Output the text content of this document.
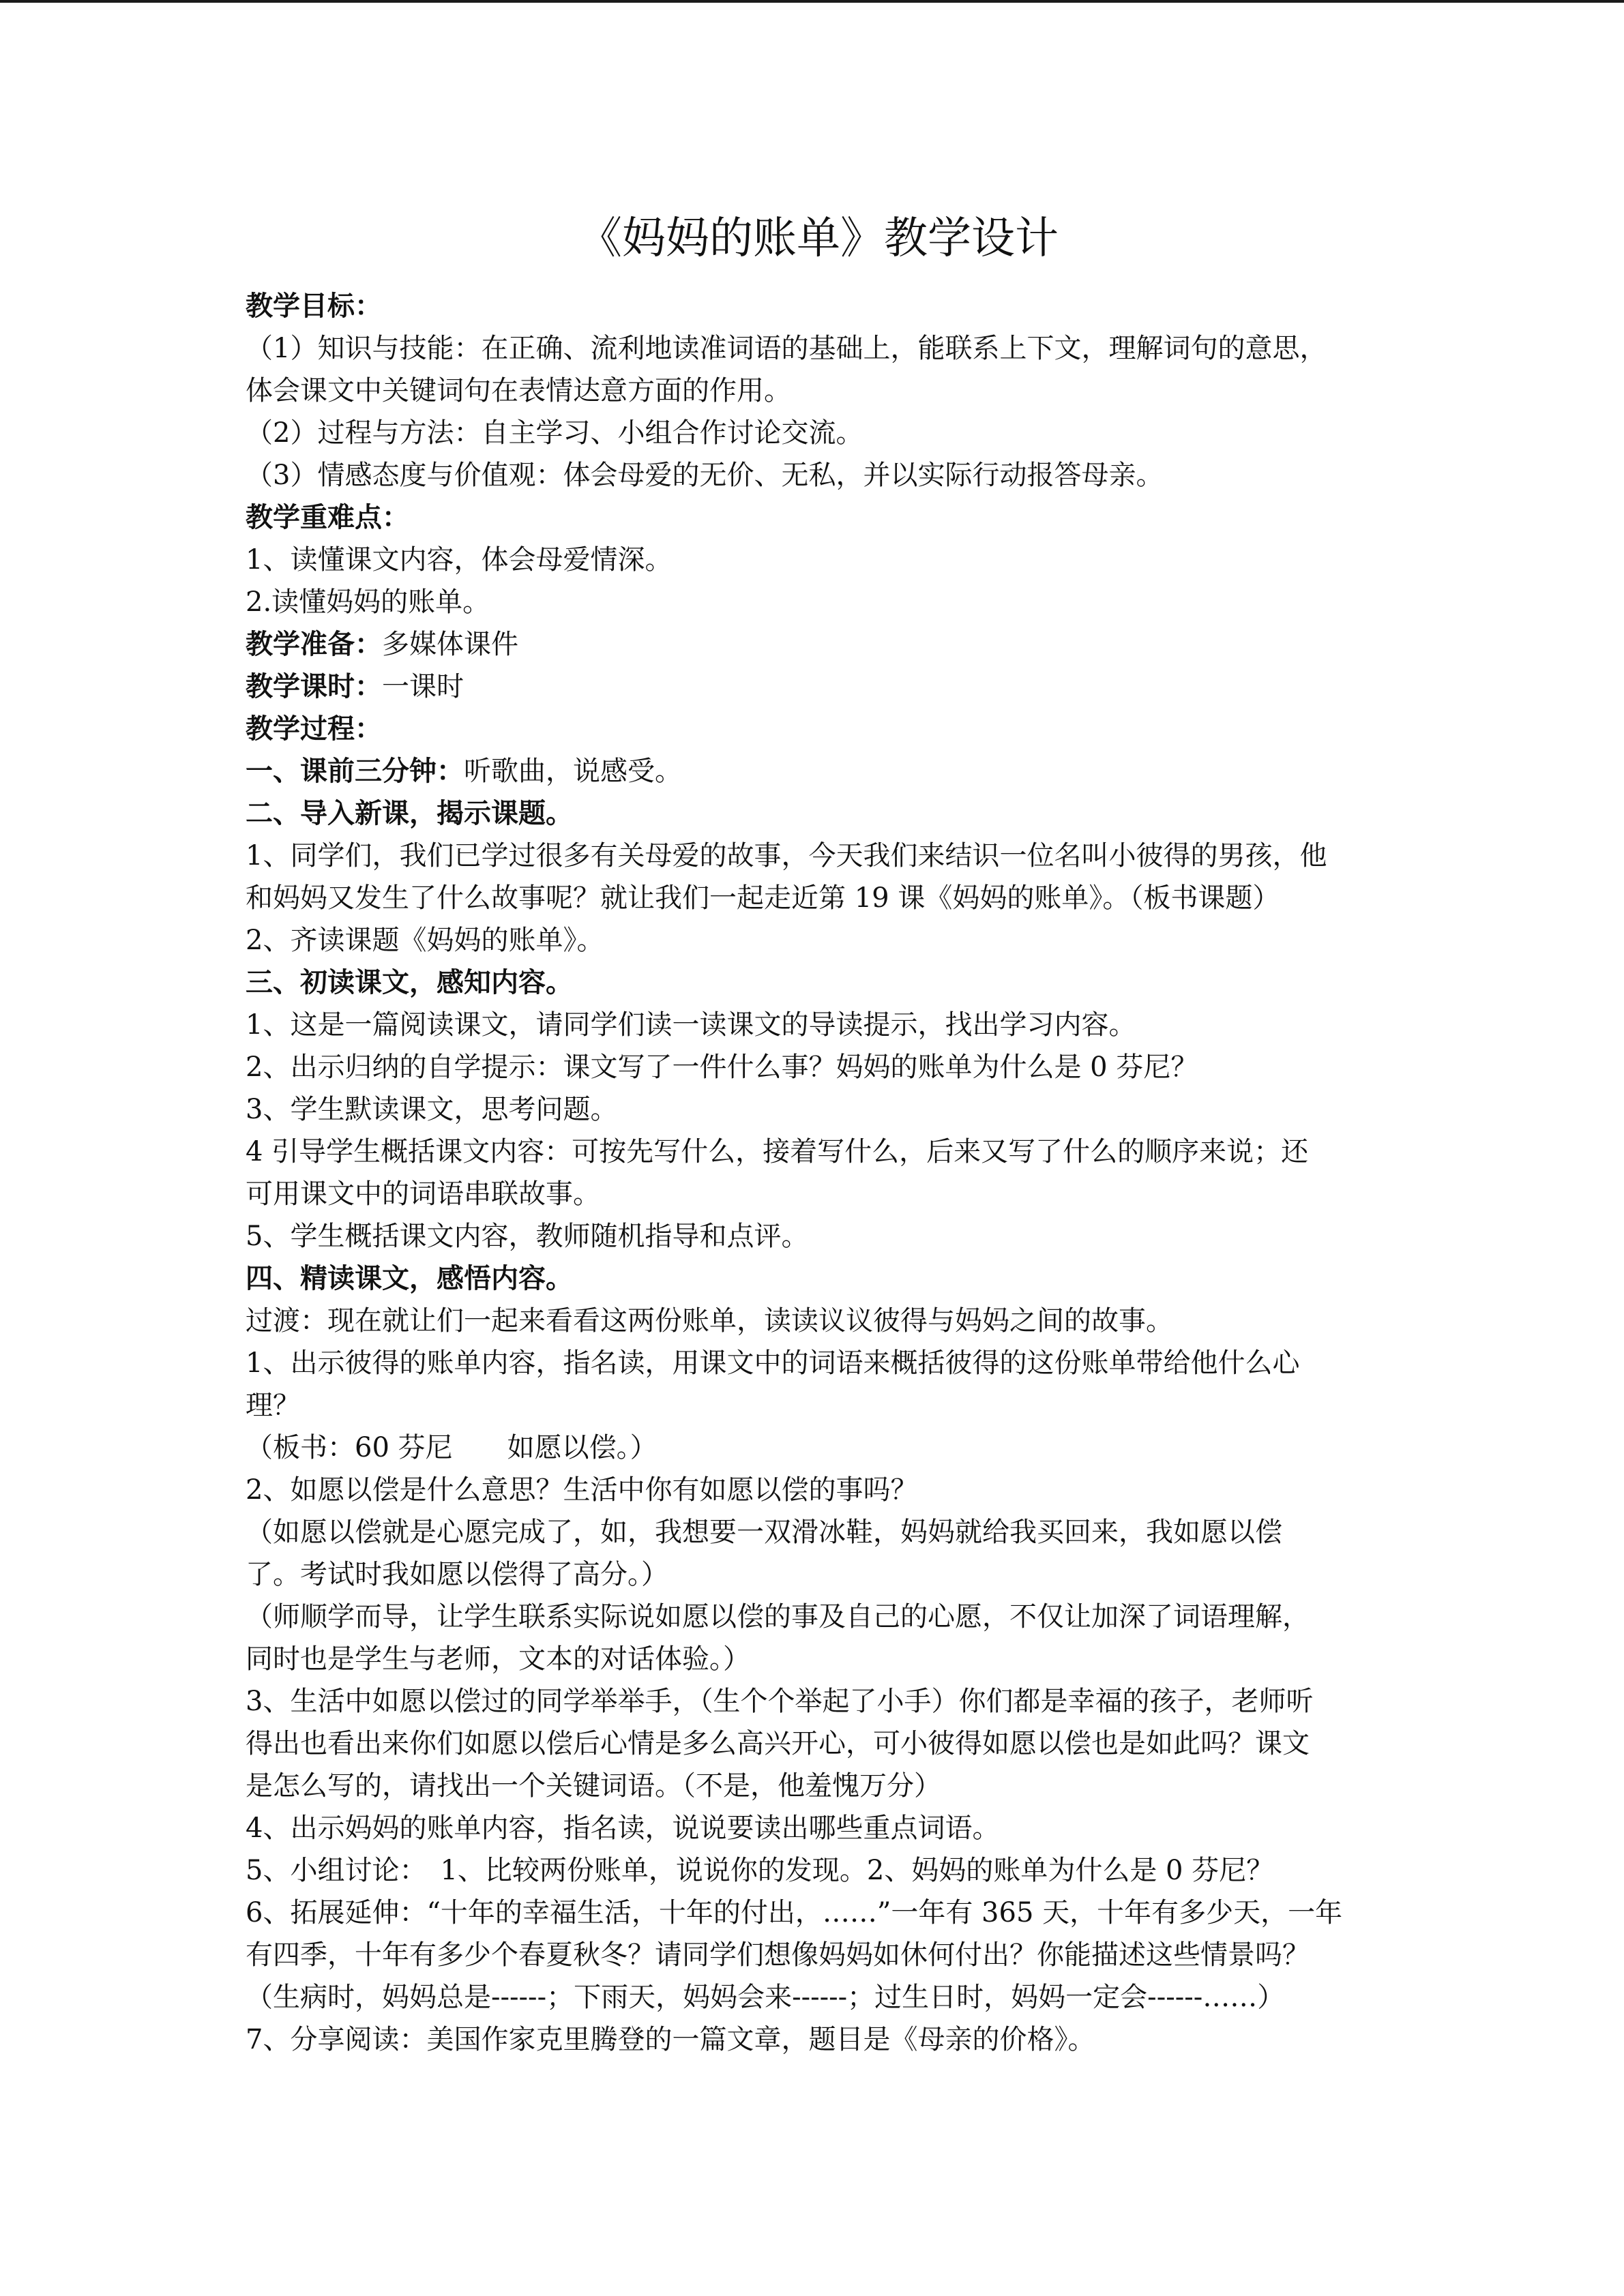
《妈妈的账单》教学设计
教学目标：
（1）知识与技能：在正确、流利地读准词语的基础上，能联系上下文，理解词句的意思，
体会课文中关键词句在表情达意方面的作用。
（2）过程与方法：自主学习、小组合作讨论交流。
（3）情感态度与价值观：体会母爱的无价、无私，并以实际行动报答母亲。
教学重难点：
1、读懂课文内容，体会母爱情深。
2.读懂妈妈的账单。
教学准备：多媒体课件
教学课时：一课时
教学过程：
一、课前三分钟：听歌曲，说感受。
二、导入新课，揭示课题。
1、同学们，我们已学过很多有关母爱的故事，今天我们来结识一位名叫小彼得的男孩，他
和妈妈又发生了什么故事呢？就让我们一起走近第 19 课《妈妈的账单》。（板书课题）
2、齐读课题《妈妈的账单》。
三、初读课文，感知内容。
1、这是一篇阅读课文，请同学们读一读课文的导读提示，找出学习内容。
2、出示归纳的自学提示：课文写了一件什么事？妈妈的账单为什么是 0 芬尼？
3、学生默读课文，思考问题。
4 引导学生概括课文内容：可按先写什么，接着写什么，后来又写了什么的顺序来说；还
可用课文中的词语串联故事。
5、学生概括课文内容，教师随机指导和点评。
四、精读课文，感悟内容。
过渡：现在就让们一起来看看这两份账单，读读议议彼得与妈妈之间的故事。
1、出示彼得的账单内容，指名读，用课文中的词语来概括彼得的这份账单带给他什么心
理？
（板书：60 芬尼　　如愿以偿。）
2、如愿以偿是什么意思？生活中你有如愿以偿的事吗？
（如愿以偿就是心愿完成了，如，我想要一双滑冰鞋，妈妈就给我买回来，我如愿以偿
了。考试时我如愿以偿得了高分。）
（师顺学而导，让学生联系实际说如愿以偿的事及自己的心愿，不仅让加深了词语理解，
同时也是学生与老师，文本的对话体验。）
3、生活中如愿以偿过的同学举举手，（生个个举起了小手）你们都是幸福的孩子，老师听
得出也看出来你们如愿以偿后心情是多么高兴开心，可小彼得如愿以偿也是如此吗？课文
是怎么写的，请找出一个关键词语。（不是，他羞愧万分）
4、出示妈妈的账单内容，指名读，说说要读出哪些重点词语。
5、小组讨论：　1、比较两份账单，说说你的发现。2、妈妈的账单为什么是 0 芬尼？
6、拓展延伸：“十年的幸福生活，十年的付出，……”一年有 365 天，十年有多少天，一年
有四季，十年有多少个春夏秋冬？请同学们想像妈妈如休何付出？你能描述这些情景吗？
（生病时，妈妈总是------；下雨天，妈妈会来------；过生日时，妈妈一定会------……）
7、分享阅读：美国作家克里腾登的一篇文章，题目是《母亲的价格》。
